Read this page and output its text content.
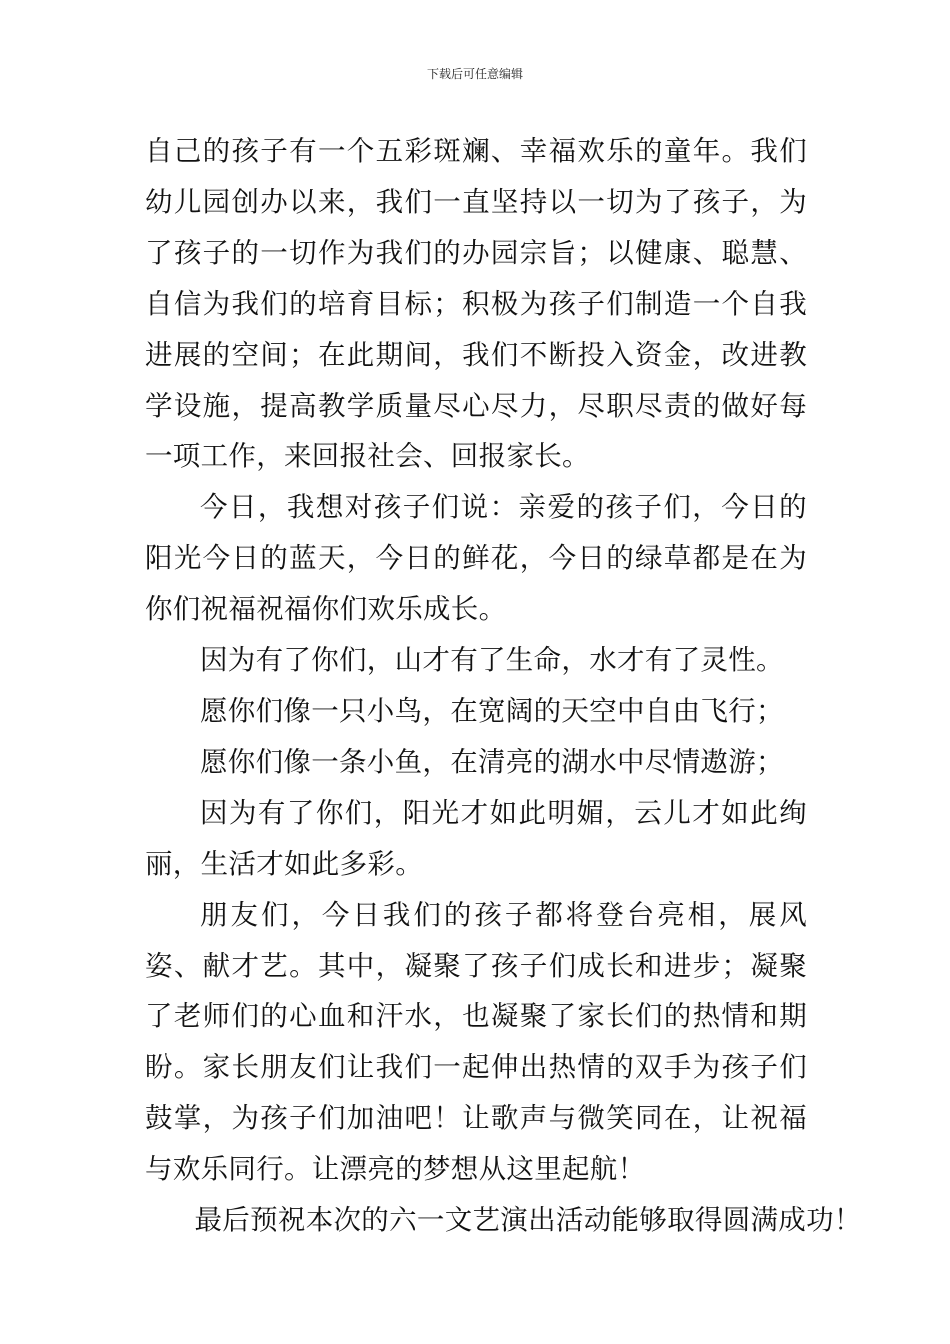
下载后可任意编辑

自己的孩子有一个五彩斑斓、幸福欢乐的童年。我们幼儿园创办以来，我们一直坚持以一切为了孩子，为了孩子的一切作为我们的办园宗旨；以健康、聪慧、自信为我们的培育目标；积极为孩子们制造一个自我进展的空间；在此期间，我们不断投入资金，改进教学设施，提高教学质量尽心尽力，尽职尽责的做好每一项工作，来回报社会、回报家长。

今日，我想对孩子们说：亲爱的孩子们，今日的阳光今日的蓝天，今日的鲜花，今日的绿草都是在为你们祝福祝福你们欢乐成长。

因为有了你们，山才有了生命，水才有了灵性。

愿你们像一只小鸟，在宽阔的天空中自由飞行；

愿你们像一条小鱼，在清亮的湖水中尽情遨游；

因为有了你们，阳光才如此明媚，云儿才如此绚丽，生活才如此多彩。

朋友们，今日我们的孩子都将登台亮相，展风姿、献才艺。其中，凝聚了孩子们成长和进步；凝聚了老师们的心血和汗水，也凝聚了家长们的热情和期盼。家长朋友们让我们一起伸出热情的双手为孩子们鼓掌，为孩子们加油吧！让歌声与微笑同在，让祝福与欢乐同行。让漂亮的梦想从这里起航！

最后预祝本次的六一文艺演出活动能够取得圆满成功！
